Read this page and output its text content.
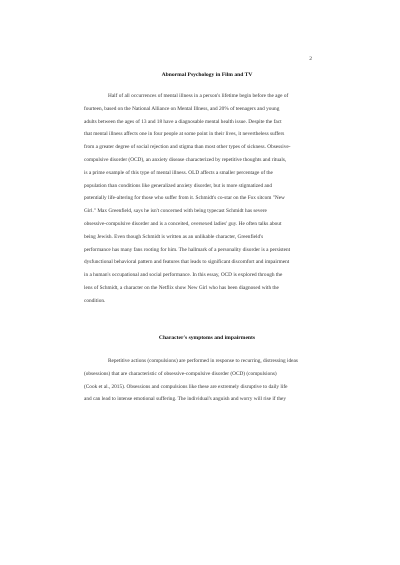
2
Abnormal Psychology in Film and TV
Half of all occurrences of mental illness in a person's lifetime begin before the age of
fourteen, based on the National Alliance on Mental Illness, and 20% of teenagers and young
adults between the ages of 13 and 18 have a diagnosable mental health issue. Despite the fact
that mental illness affects one in four people at some point in their lives, it nevertheless suffers
from a greater degree of social rejection and stigma than most other types of sickness. Obsessive-
compulsive disorder (OCD), an anxiety disease characterized by repetitive thoughts and rituals,
is a prime example of this type of mental illness. OLD affects a smaller percentage of the
population than conditions like generalized anxiety disorder, but is more stigmatized and
potentially life-altering for those who suffer from it. Schmidt's co-star on the Fox sitcom "New
Girl." Max Greenfield, says he isn't concerned with being typecast Schmidt has severe
obsessive-compulsive disorder and is a conceited, oversexed ladies' guy. He often talks about
being Jewish. Even though Schmidt is written as an unlikable character, Greenfield's
performance has many fans rooting for him. The hallmark of a personality disorder is a persistent
dysfunctional behavioral pattern and features that leads to significant discomfort and impairment
in a human's occupational and social performance. In this essay, OCD is explored through the
lens of Schmidt, a character on the Netflix show New Girl who has been diagnosed with the
condition.
Character's symptoms and impairments
Repetitive actions (compulsions) are performed in response to recurring, distressing ideas
(obsessions) that are characteristic of obsessive-compulsive disorder (OCD) (compulsions)
(Cook et al., 2015). Obsessions and compulsions like these are extremely disruptive to daily life
and can lead to intense emotional suffering. The individual's anguish and worry will rise if they
